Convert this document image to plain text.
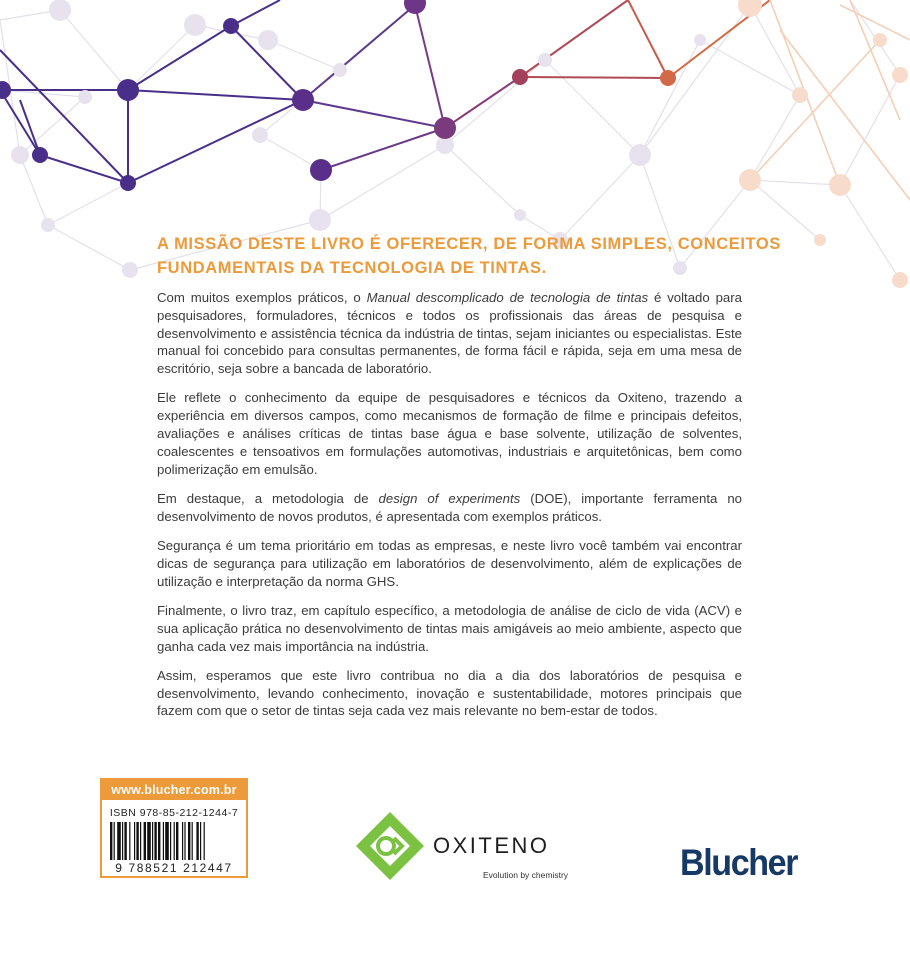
A MISSÃO DESTE LIVRO É OFERECER, DE FORMA SIMPLES, CONCEITOS
FUNDAMENTAIS DA TECNOLOGIA DE TINTAS.

Com muitos exemplos práticos, o Manual descomplicado de tecnologia de tintas é voltado para pesquisadores, formuladores, técnicos e todos os profissionais das áreas de pesquisa e desenvolvimento e assistência técnica da indústria de tintas, sejam iniciantes ou especialistas. Este manual foi concebido para consultas permanentes, de forma fácil e rápida, seja em uma mesa de escritório, seja sobre a bancada de laboratório.

Ele reflete o conhecimento da equipe de pesquisadores e técnicos da Oxiteno, trazendo a experiência em diversos campos, como mecanismos de formação de filme e principais defeitos, avaliações e análises críticas de tintas base água e base solvente, utilização de solventes, coalescentes e tensoativos em formulações automotivas, industriais e arquitetônicas, bem como polimerização em emulsão.

Em destaque, a metodologia de design of experiments (DOE), importante ferramenta no desenvolvimento de novos produtos, é apresentada com exemplos práticos.

Segurança é um tema prioritário em todas as empresas, e neste livro você também vai encontrar dicas de segurança para utilização em laboratórios de desenvolvimento, além de explicações de utilização e interpretação da norma GHS.

Finalmente, o livro traz, em capítulo específico, a metodologia de análise de ciclo de vida (ACV) e sua aplicação prática no desenvolvimento de tintas mais amigáveis ao meio ambiente, aspecto que ganha cada vez mais importância na indústria.

Assim, esperamos que este livro contribua no dia a dia dos laboratórios de pesquisa e desenvolvimento, levando conhecimento, inovação e sustentabilidade, motores principais que fazem com que o setor de tintas seja cada vez mais relevante no bem-estar de todos.

www.blucher.com.br
ISBN 978-85-212-1244-7
9 788521 212447
OXITENO
Evolution by chemistry	Blucher
